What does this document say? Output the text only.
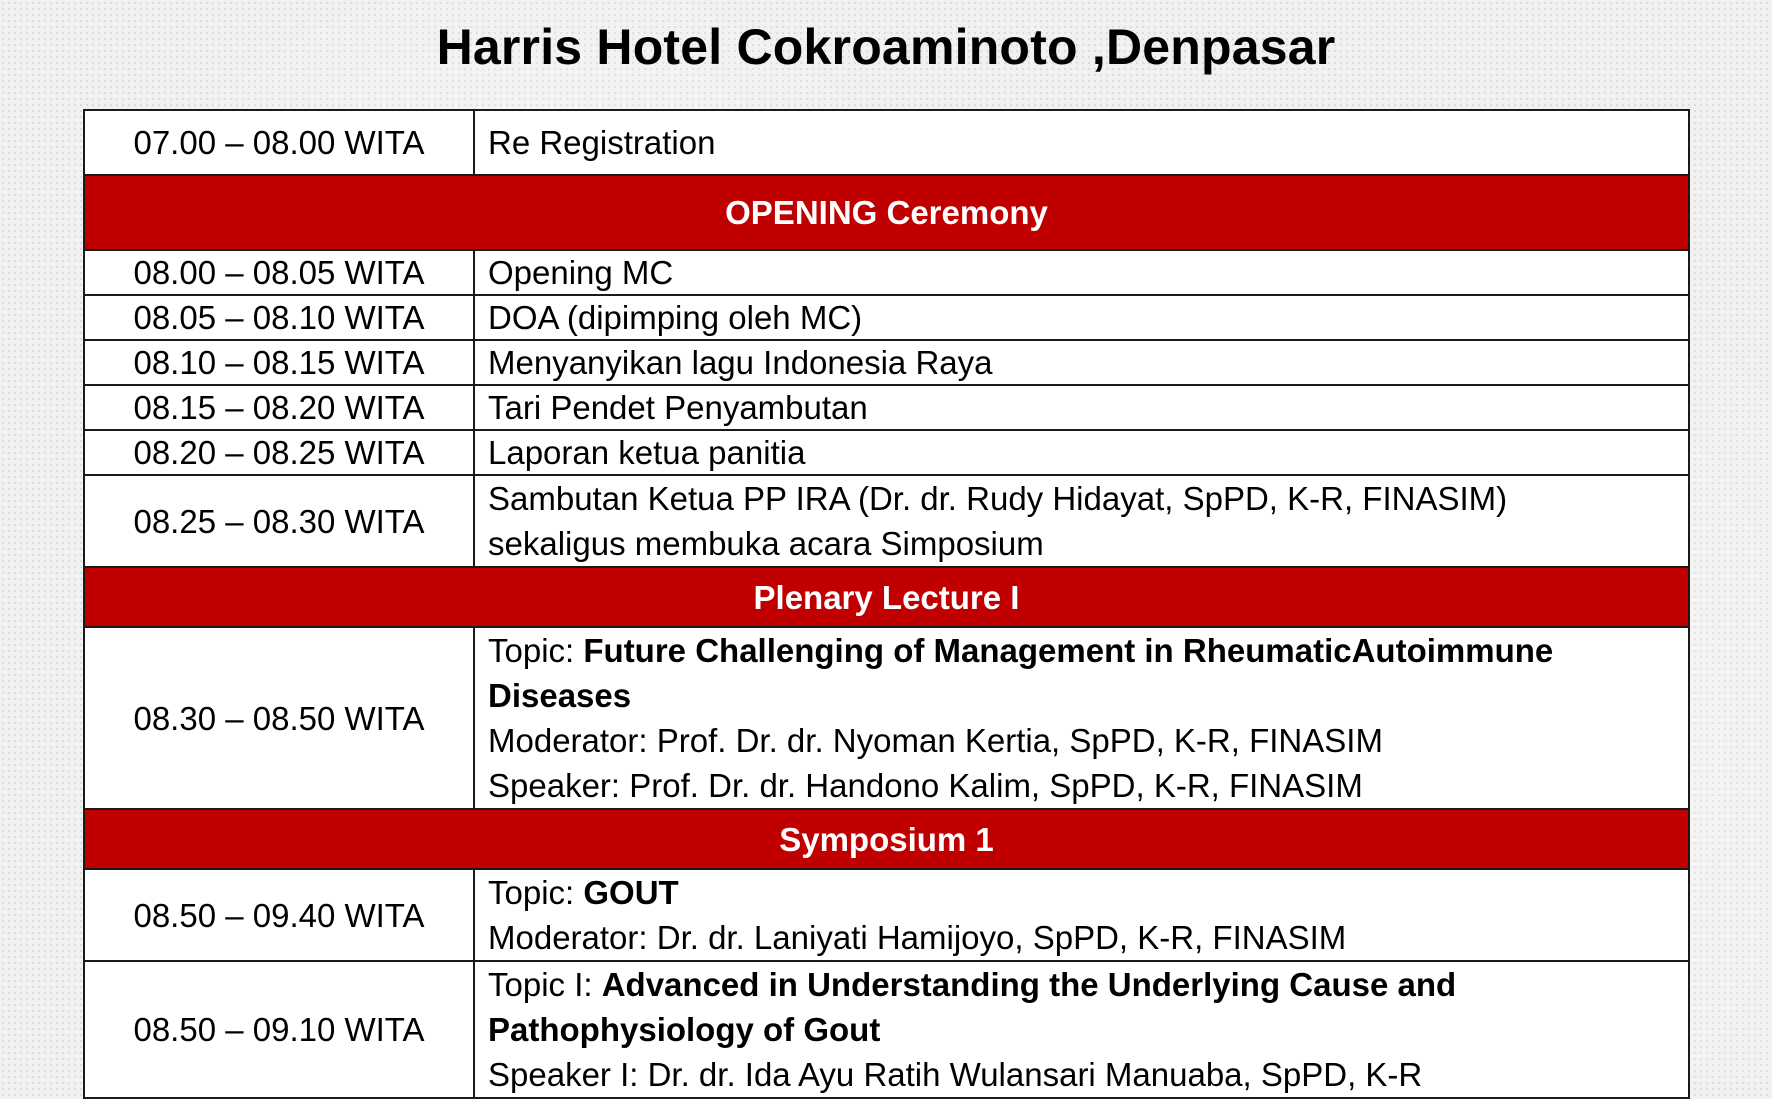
Harris Hotel Cokroaminoto ,Denpasar
07.00 – 08.00 WITA	Re Registration
OPENING Ceremony	
08.00 – 08.05 WITA	Opening MC
08.05 – 08.10 WITA	DOA (dipimping oleh MC)
08.10 – 08.15 WITA	Menyanyikan lagu Indonesia Raya
08.15 – 08.20 WITA	Tari Pendet Penyambutan
08.20 – 08.25 WITA	Laporan ketua panitia
08.25 – 08.30 WITA	Sambutan Ketua PP IRA (Dr. dr. Rudy Hidayat, SpPD, K-R, FINASIM)
sekaligus membuka acara Simposium

Plenary Lecture I	
08.30 – 08.50 WITA	Topic: Future Challenging of Management in RheumaticAutoimmune
Diseases
Moderator: Prof. Dr. dr. Nyoman Kertia, SpPD, K-R, FINASIM
Speaker: Prof. Dr. dr. Handono Kalim, SpPD, K-R, FINASIM

Symposium 1	
08.50 – 09.40 WITA	Topic: GOUT
Moderator: Dr. dr. Laniyati Hamijoyo, SpPD, K-R, FINASIM

08.50 – 09.10 WITA	Topic I: Advanced in Understanding the Underlying Cause and
Pathophysiology of Gout
Speaker I: Dr. dr. Ida Ayu Ratih Wulansari Manuaba, SpPD, K-R
